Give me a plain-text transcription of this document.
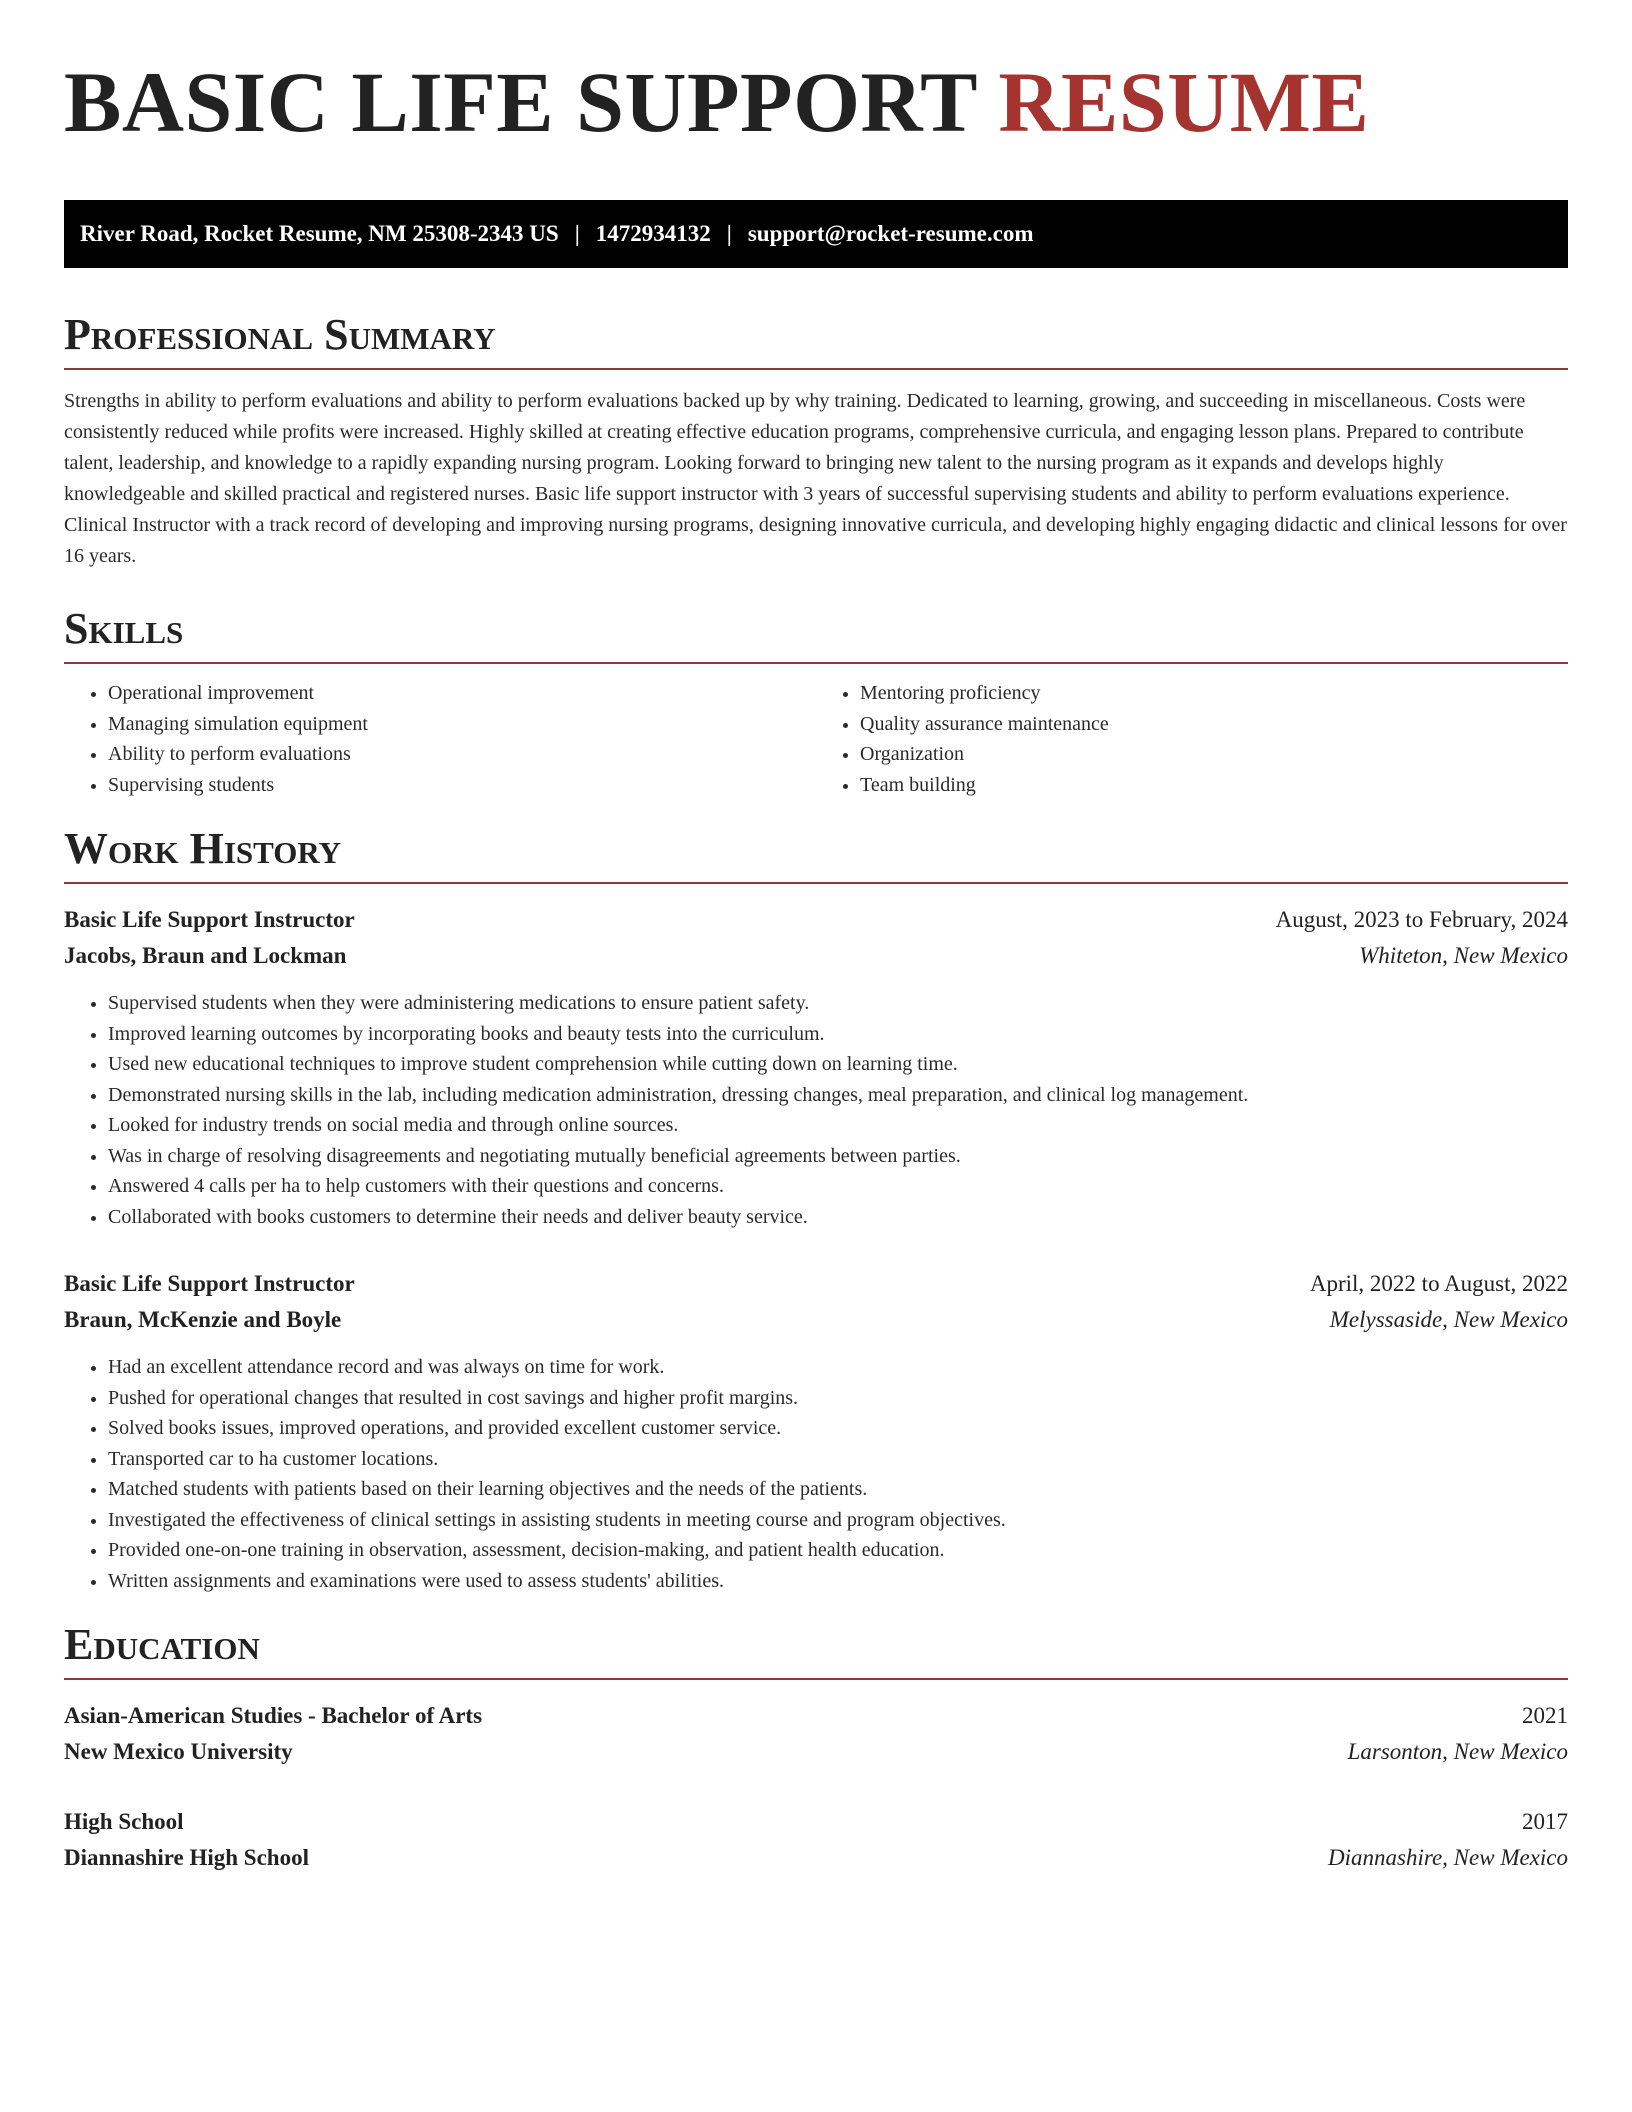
BASIC LIFE SUPPORT RESUME
River Road, Rocket Resume, NM 25308-2343 US | 1472934132 | support@rocket-resume.com
Professional Summary

Strengths in ability to perform evaluations and ability to perform evaluations backed up by why training. Dedicated to learning, growing, and succeeding in miscellaneous. Costs were consistently reduced while profits were increased. Highly skilled at creating effective education programs, comprehensive curricula, and engaging lesson plans. Prepared to contribute talent, leadership, and knowledge to a rapidly expanding nursing program. Looking forward to bringing new talent to the nursing program as it expands and develops highly knowledgeable and skilled practical and registered nurses. Basic life support instructor with 3 years of successful supervising students and ability to perform evaluations experience. Clinical Instructor with a track record of developing and improving nursing programs, designing innovative curricula, and developing highly engaging didactic and clinical lessons for over 16 years.

Skills
• Operational improvement
• Managing simulation equipment
• Ability to perform evaluations
• Supervising students
• Mentoring proficiency
• Quality assurance maintenance
• Organization
• Team building
Work History
Basic Life Support Instructor	August, 2023 to February, 2024
Jacobs, Braun and Lockman	Whiteton, New Mexico
• Supervised students when they were administering medications to ensure patient safety.
• Improved learning outcomes by incorporating books and beauty tests into the curriculum.
• Used new educational techniques to improve student comprehension while cutting down on learning time.
• Demonstrated nursing skills in the lab, including medication administration, dressing changes, meal preparation, and clinical log management.
• Looked for industry trends on social media and through online sources.
• Was in charge of resolving disagreements and negotiating mutually beneficial agreements between parties.
• Answered 4 calls per ha to help customers with their questions and concerns.
• Collaborated with books customers to determine their needs and deliver beauty service.
Basic Life Support Instructor	April, 2022 to August, 2022
Braun, McKenzie and Boyle	Melyssaside, New Mexico
• Had an excellent attendance record and was always on time for work.
• Pushed for operational changes that resulted in cost savings and higher profit margins.
• Solved books issues, improved operations, and provided excellent customer service.
• Transported car to ha customer locations.
• Matched students with patients based on their learning objectives and the needs of the patients.
• Investigated the effectiveness of clinical settings in assisting students in meeting course and program objectives.
• Provided one-on-one training in observation, assessment, decision-making, and patient health education.
• Written assignments and examinations were used to assess students' abilities.
Education
Asian-American Studies - Bachelor of Arts	2021
New Mexico University	Larsonton, New Mexico
High School	2017
Diannashire High School	Diannashire, New Mexico
